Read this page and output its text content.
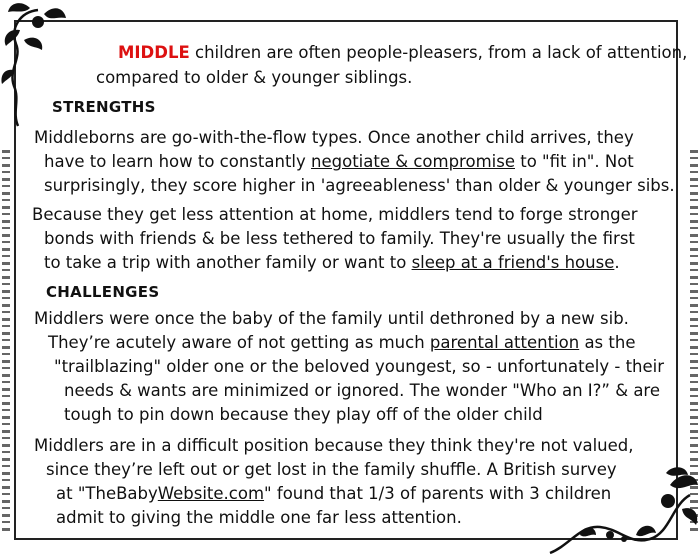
MIDDLE children are often people-pleasers, from a lack of attention,
compared to older & younger siblings.
STRENGTHS
Middleborns are go-with-the-flow types. Once another child arrives, they
have to learn how to constantly negotiate & compromise to "fit in". Not
surprisingly, they score higher in 'agreeableness' than older & younger sibs.
Because they get less attention at home, middlers tend to forge stronger
bonds with friends & be less tethered to family. They're usually the first
to take a trip with another family or want to sleep at a friend's house.
CHALLENGES
Middlers were once the baby of the family until dethroned by a new sib.
They’re acutely aware of not getting as much parental attention as the
"trailblazing" older one or the beloved youngest, so - unfortunately - their
needs & wants are minimized or ignored. The wonder "Who an I?” & are
tough to pin down because they play off of the older child
Middlers are in a difficult position because they think they're not valued,
since they’re left out or get lost in the family shuffle. A British survey
at "TheBabyWebsite.com" found that 1/3 of parents with 3 children
admit to giving the middle one far less attention.
